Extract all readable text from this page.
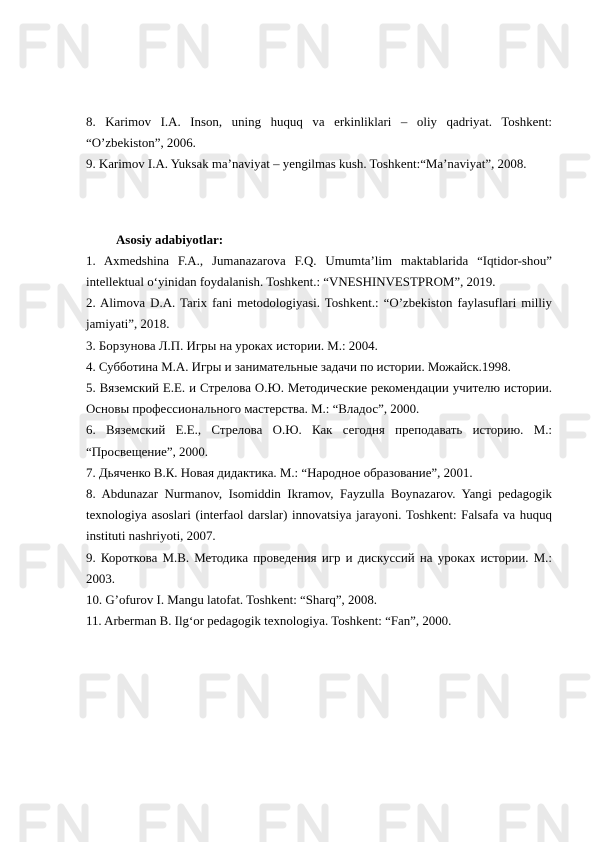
8. Karimov I.A. Inson, uning huquq va erkinliklari – oliy qadriyat. Toshkent: “O’zbekiston”, 2006.

9. Karimov I.A. Yuksak ma’naviyat – yengilmas kush. Toshkent:“Ma’naviyat”, 2008.

Asosiy adabiyotlar:

1. Axmedshina F.A., Jumanazarova F.Q. Umumta’lim maktablarida “Iqtidor-shou” intellektual o‘yinidan foydalanish. Toshkent.: “VNESHINVESTPROM”, 2019.

2. Alimova D.A. Tarix fani metodologiyasi. Toshkent.: “O’zbekiston faylasuflari milliy jamiyati”, 2018.

3. Борзунова Л.П. Игры на уроках истории. М.: 2004.

4. Субботина М.А. Игры и занимательные задачи по истории. Можайск.1998.

5. Вяземский Е.Е. и Стрелова О.Ю. Методические рекомендации учителю истории. Основы профессионального мастерства. М.: “Владос”, 2000.

6. Вяземский Е.Е., Стрелова О.Ю. Как сегодня преподавать историю. М.: “Просвещение”, 2000.

7. Дьяченко В.К. Новая дидактика. М.: “Народное образование”, 2001.

8. Abdunazar Nurmanov, Isomiddin Ikramov, Fayzulla Boynazarov. Yangi pedagogik texnologiya asoslari (interfaol darslar) innovatsiya jarayoni. Toshkent: Falsafa va huquq instituti nashriyoti, 2007.

9. Короткова М.В. Методика проведения игр и дискуссий на уроках истории. М.: 2003.

10. G’ofurov I. Mangu latofat. Toshkent: “Sharq”, 2008.

11. Arberman B. Ilg‘or pedagogik texnologiya. Toshkent: “Fan”, 2000.
